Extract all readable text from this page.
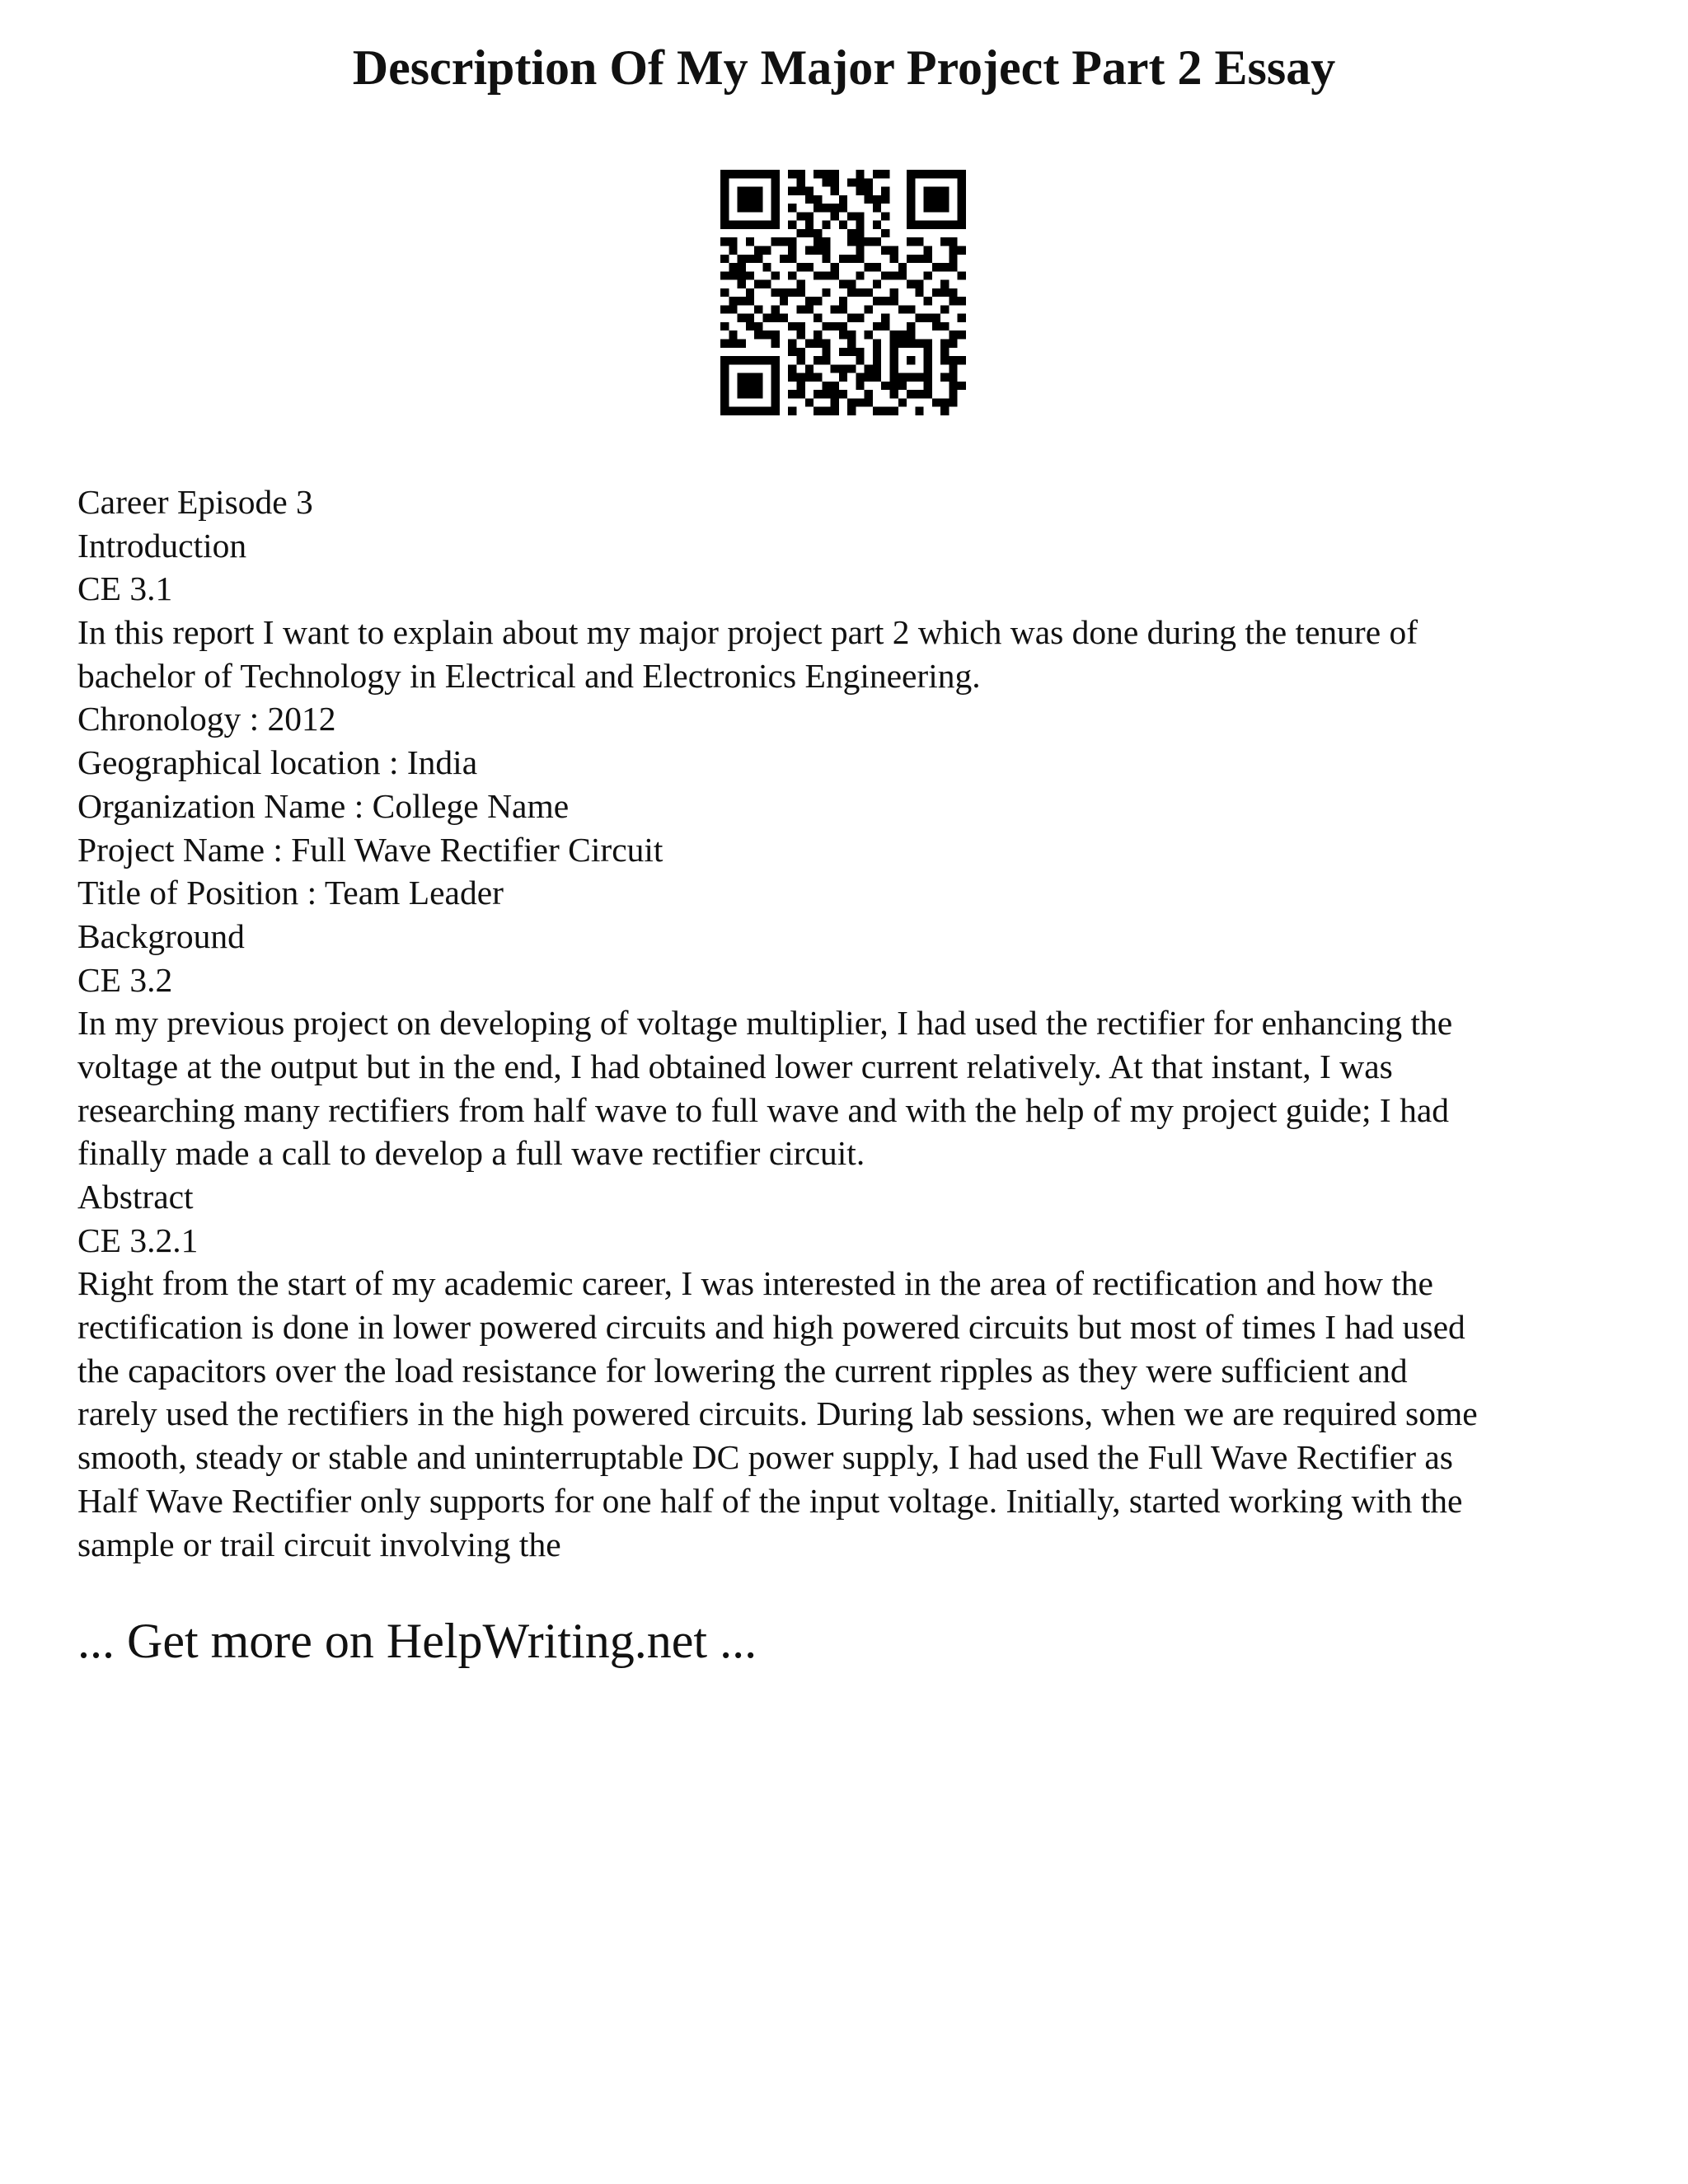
Description Of My Major Project Part 2 Essay
Career Episode 3
Introduction
CE 3.1
In this report I want to explain about my major project part 2 which was done during the tenure of
bachelor of Technology in Electrical and Electronics Engineering.
Chronology : 2012
Geographical location : India
Organization Name : College Name
Project Name : Full Wave Rectifier Circuit
Title of Position : Team Leader
Background
CE 3.2
In my previous project on developing of voltage multiplier, I had used the rectifier for enhancing the
voltage at the output but in the end, I had obtained lower current relatively. At that instant, I was
researching many rectifiers from half wave to full wave and with the help of my project guide; I had
finally made a call to develop a full wave rectifier circuit.
Abstract
CE 3.2.1
Right from the start of my academic career, I was interested in the area of rectification and how the
rectification is done in lower powered circuits and high powered circuits but most of times I had used
the capacitors over the load resistance for lowering the current ripples as they were sufficient and
rarely used the rectifiers in the high powered circuits. During lab sessions, when we are required some
smooth, steady or stable and uninterruptable DC power supply, I had used the Full Wave Rectifier as
Half Wave Rectifier only supports for one half of the input voltage. Initially, started working with the
sample or trail circuit involving the
... Get more on HelpWriting.net ...
